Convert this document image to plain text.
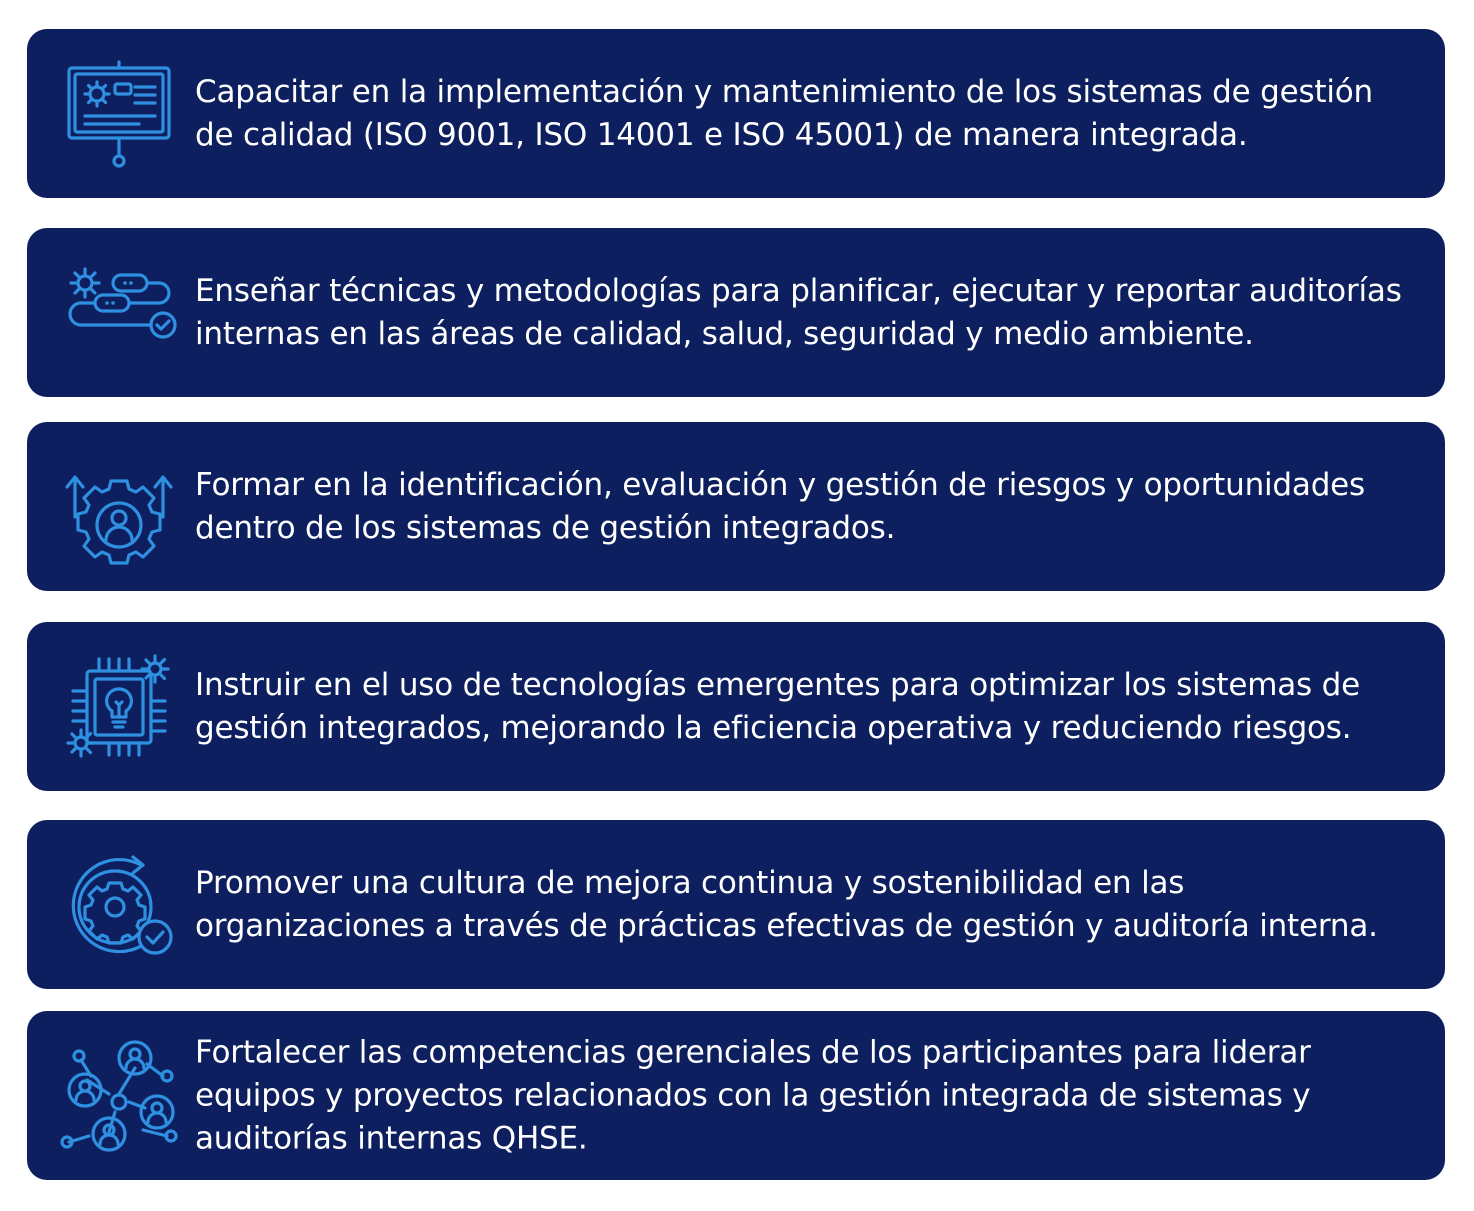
Capacitar en la implementación y mantenimiento de los sistemas de gestión de calidad (ISO 9001, ISO 14001 e ISO 45001) de manera integrada.
Enseñar técnicas y metodologías para planificar, ejecutar y reportar auditorías internas en las áreas de calidad, salud, seguridad y medio ambiente.
Formar en la identificación, evaluación y gestión de riesgos y oportunidades dentro de los sistemas de gestión integrados.
Instruir en el uso de tecnologías emergentes para optimizar los sistemas de gestión integrados, mejorando la eficiencia operativa y reduciendo riesgos.
Promover una cultura de mejora continua y sostenibilidad en las organizaciones a través de prácticas efectivas de gestión y auditoría interna.
Fortalecer las competencias gerenciales de los participantes para liderar equipos y proyectos relacionados con la gestión integrada de sistemas y auditorías internas QHSE.
